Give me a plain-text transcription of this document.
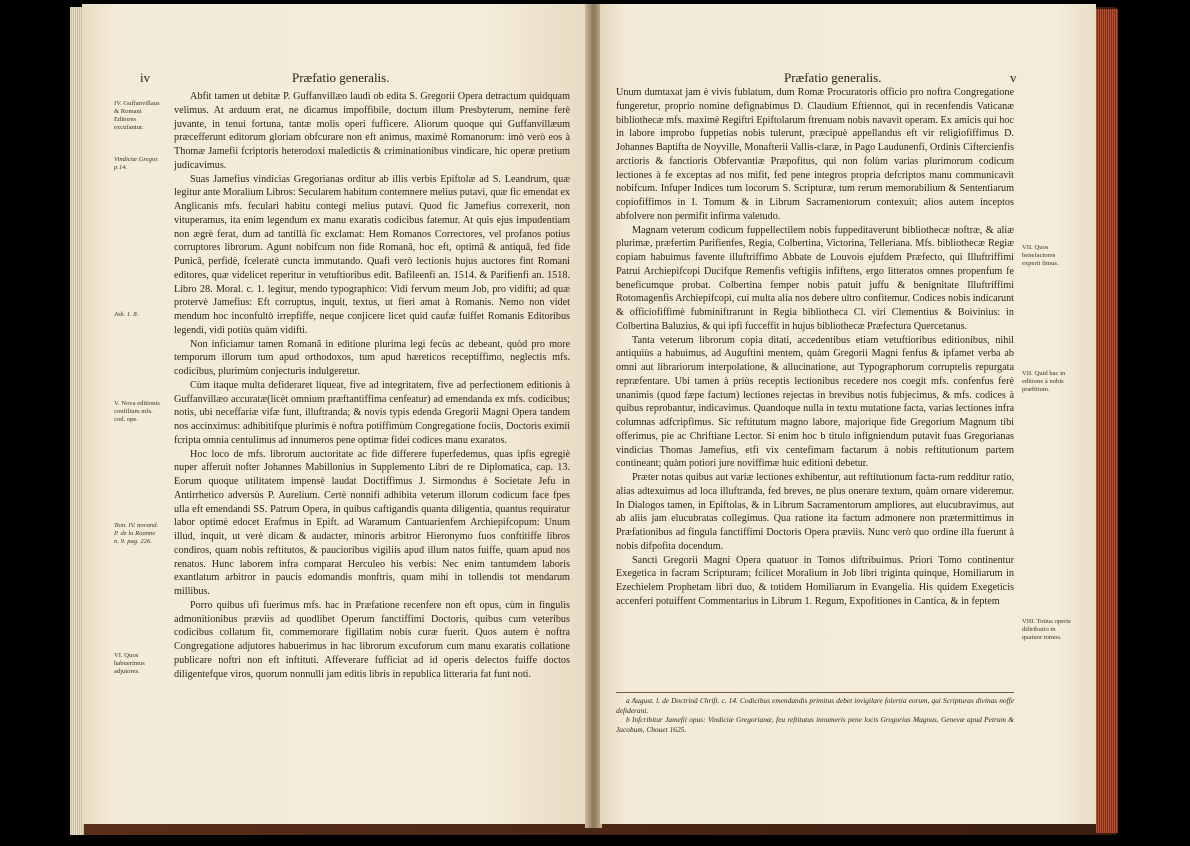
iv	Præfatio generalis.
IV. Guffanvillaus & Romani Editores excufantur.
Vindiciæ Gregor. p.14.
Job. 1. 8.
V. Nova editionis confilium mfs. cod. ope.
Tom. IV. novand. P. de la Roanne n. 9. pag. 226.
VI. Quos habuerimus adjutores.

Abfit tamen ut debitæ P. Guffanvillæo laudi ob edita S. Gregorii Opera detractum quidquam velimus. At arduum erat, ne dicamus impoffibile, doctum illum Presbyterum, nemine ferè juvante, in tenui fortuna, tantæ molis operi fufficere. Aliorum quoque qui Guffanvillæum præcefferunt editorum gloriam obfcurare non eft animus, maximè Romanorum: imò verò eos à Thomæ Jamefii fcriptoris heterodoxi maledictis & criminationibus vindicare, hic operæ pretium judicavimus.

Suas Jamefius vindicias Gregorianas orditur ab illis verbis Epiftolæ ad S. Leandrum, quæ legitur ante Moralium Libros: Secularem habitum contemnere melius putavi, quæ fic emendat ex Anglicanis mfs. feculari habitu contegi melius putavi. Quod fic Jamefius correxerit, non vituperamus, ita enim legendum ex manu exaratis codicibus fatemur. At quis ejus impudentiam non ægrè ferat, dum ad tantillà fic exclamat: Hem Romanos Correctores, vel profanos potius corruptores librorum. Agunt nobifcum non fide Romanâ, hoc eft, optimâ & antiquâ, fed fide Punicâ, perfidè, fceleratè cuncta immutando. Quafi verò lectionis hujus auctores fint Romani editores, quæ videlicet reperitur in vetuftioribus edit. Bafileenfi an. 1514. & Parifienfi an. 1518. Libro 28. Moral. c. 1. legitur, mendo typographico: Vidi fervum meum Job, pro vidifti; ad quæ protervè Jamefius: Eft corruptus, inquit, textus, ut fieri amat à Romanis. Nemo non videt mendum hoc inconfultò irrepfiffe, neque conjicere licet quid caufæ fuiffet Romanis Editoribus legendi, vidi potiùs quàm vidifti.

Non inficiamur tamen Romanâ in editione plurima legi fecùs ac debeant, quòd pro more temporum illorum tum apud orthodoxos, tum apud hæreticos receptiffimo, neglectis mfs. codicibus, plurimùm conjecturis indulgeretur.

Cùm itaque multa defideraret liqueat, five ad integritatem, five ad perfectionem editionis à Guffanvillæo accuratæ(licèt omnium præftantiffima cenfeatur) ad emendanda ex mfs. codicibus; notis, ubi neceffariæ vifæ funt, illuftranda; & novis typis edenda Gregorii Magni Opera tandem nos accinximus: adhibitifque plurimis è noftra potiffimùm Congregatione fociis, Doctoris eximii fcripta omnia centulimus ad innumeros pene optimæ fidei codices manu exaratos.

Hoc loco de mfs. librorum auctoritate ac fide differere fuperfedemus, quas ipfis egregiè nuper afferuit nofter Johannes Mabillonius in Supplemento Libri de re Diplomatica, cap. 13. Eorum quoque utilitatem impensè laudat Doctiffimus J. Sirmondus è Societate Jefu in Antirrhetico adversùs P. Aurelium. Certè nonnifi adhibita veterum illorum codicum face fpes ulla eft emendandi SS. Patrum Opera, in quibus caftigandis quanta diligentia, quantus requiratur labor optimè edocet Erafmus in Epift. ad Waramum Cantuarienfem Archiepifcopum: Unum illud, inquit, ut verè dicam & audacter, minoris arbitror Hieronymo fuos conftitiffe libros condiros, quam nobis reftitutos, & paucioribus vigiliis apud illum natos fuiffe, quam apud nos renatos. Hunc laborem infra comparat Herculeo his verbis: Nec enim tantumdem laboris exantlatum arbitror in paucis edomandis monftris, quam mihi in tollendis tot mendarum millibus.

Porro quibus ufi fuerimus mfs. hac in Præfatione recenfere non eft opus, cùm in fingulis admonitionibus præviis ad quodlibet Operum fanctiffimi Doctoris, quibus cum veteribus codicibus collatum fit, commemorare figillatim nobis curæ fuerit. Quos autem è noftra Congregatione adjutores habuerimus in hac librorum excuforum cum manu exaratis collatione publicare noftri non eft inftituti. Affeverare fufficiat ad id operis delectos fuiffe doctos diligentefque viros, quorum nonnulli jam editis libris in republica litteraria fat funt noti.

Præfatio generalis.	v

Unum dumtaxat jam è vivis fublatum, dum Romæ Procuratoris officio pro noftra Congregatione fungeretur, proprio nomine defignabimus D. Claudium Eftiennot, qui in recenfendis Vaticanæ bibliothecæ mfs. maximè Regiftri Epiftolarum ftrenuam nobis navavit operam. Ex amicis qui hoc in labore improbo fuppetias nobis tulerunt, præcipuè appellandus eft vir religiofiffimus D. Johannes Baptifta de Noyville, Monafterii Vallis-claræ, in Pago Laudunenfi, Ordinis Ciftercienfis arctioris & fanctioris Obfervantiæ Præpofitus, qui non folùm varias plurimorum codicum lectiones à fe exceptas ad nos mifit, fed pene integros propria defcriptos manu communicavit nobifcum. Infuper Indices tum locorum S. Scripturæ, tum rerum memorabilium & Sententiarum copiofiffimos in I. Tomum & in Librum Sacramentorum contexuit; alios autem inceptos abfolvere non permifit infirma valetudo.

Magnam veterum codicum fuppellectilem nobis fuppeditaverunt bibliothecæ noftræ, & aliæ plurimæ, præfertim Parifienfes, Regia, Colbertina, Victorina, Telleriana. Mfs. bibliothecæ Regiæ copiam habuimus favente illuftriffimo Abbate de Louvois ejufdem Præfecto, qui Illuftriffimi Patrui Archiepifcopi Ducifque Remenfis veftigiis infiftens, ergo litteratos omnes propenfum fe beneficumque probat. Colbertina femper nobis patuit juffu & benignitate Illuftriffimi Rotomagenfis Archiepifcopi, cui multa alia nos debere ultro confitemur. Codices nobis indicarunt & officiofiffimè fubminiftrarunt in Regia bibliotheca Cl. viri Clementius & Boivinius: in Colbertina Baluzius, & qui ipfi fucceffit in hujus bibliothecæ Præfectura Quercetanus.

Tanta veterum librorum copia ditati, accedentibus etiam vetuftioribus editionibus, nihil antiquiùs a habuimus, ad Auguftini mentem, quàm Gregorii Magni fenfus & ipfamet verba ab omni aut librariorum interpolatione, & allucinatione, aut Typographorum corruptelis repurgata repræfentare. Ubi tamen à priùs receptis lectionibus recedere nos coegit mfs. confenfus ferè unanimis (quod fæpe factum) lectiones rejectas in brevibus notis fubjecimus, & mfs. codices à quibus reprobantur, indicavimus. Quandoque nulla in textu mutatione facta, varias lectiones infra columnas adfcripfimus. Sic reftitutum magno labore, majorique fide Gregorium Magnum tibi offerimus, pie ac Chriftiane Lector. Si enim hoc b titulo infigniendum putavit fuas Gregorianas vindicias Thomas Jamefius, etfi vix centefimam factarum à nobis reftitutionum partem contineant; quàm potiori jure noviffimæ huic editioni debetur.

Præter notas quibus aut variæ lectiones exhibentur, aut reftitutionum facta-rum redditur ratio, alias adtexuimus ad loca illuftranda, fed breves, ne plus onerare textum, quàm ornare videremur. In Dialogos tamen, in Epiftolas, & in Librum Sacramentorum ampliores, aut elucubravimus, aut ab aliis jam elucubratas collegimus. Qua ratione ita factum admonere non prætermittimus in Præfationibus ad fingula fanctiffimi Doctoris Opera præviis. Nunc verò quo ordine illa fuerunt à nobis difpofita docendum.

Sancti Gregorii Magni Opera quatuor in Tomos diftribuimus. Priori Tomo continentur Exegetica in facram Scripturam; fcilicet Moralium in Job libri triginta quinque, Homiliarum in Ezechielem Prophetam libri duo, & totidem Homiliarum in Evangelia. His quidem Exegeticis accenferi potuiffent Commentarius in Librum 1. Regum, Expofitiones in Cantica, & in feptem

a August. l. de Doctrinâ Chrift. c. 14. Codicibus emendandis primitus debet invigilare folertia eorum, qui Scripturas divinas noffe defiderant.

b Infcribitur Jamefii opus: Vindiciæ Gregorianæ, feu reftitutus innumeris pene locis Gregorius Magnus, Genevæ apud Petrum & Jacobum, Chouet 1625.

VII. Quos benefactores experti fimus.
VII. Quid hac in editione à nobis præftitum.
VIII. Totius operis diftributio in quatuor tomos.
